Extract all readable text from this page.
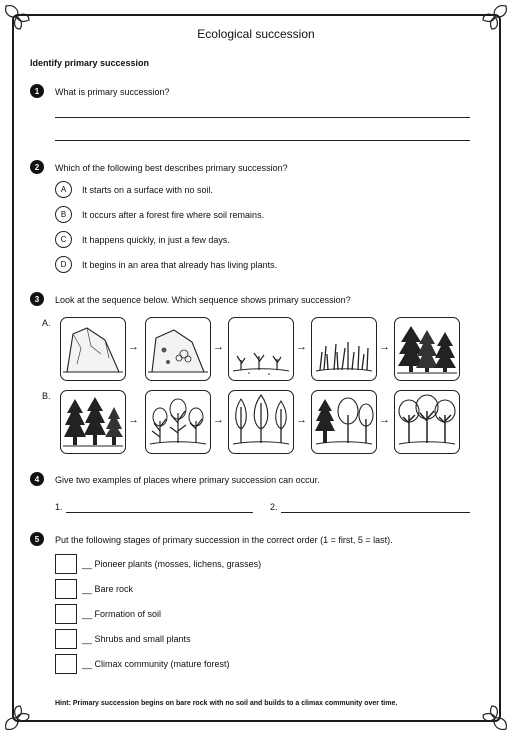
Ecological succession
Identify primary succession
1	What is primary succession?
2	Which of the following best describes primary succession?
A	It starts on a surface with no soil.
B	It occurs after a forest fire where soil remains.
C	It happens quickly, in just a few days.
D	It begins in an area that already has living plants.
3	Look at the sequence below. Which sequence shows primary succession?
A.
B.
→	→	→	→
→	→	→	→
4	Give two examples of places where primary succession can occur.
1.	2.
5	Put the following stages of primary succession in the correct order (1 = first, 5 = last).
__ Pioneer plants (mosses, lichens, grasses)
__ Bare rock
__ Formation of soil
__ Shrubs and small plants
__ Climax community (mature forest)
Hint: Primary succession begins on bare rock with no soil and builds to a climax community over time.
